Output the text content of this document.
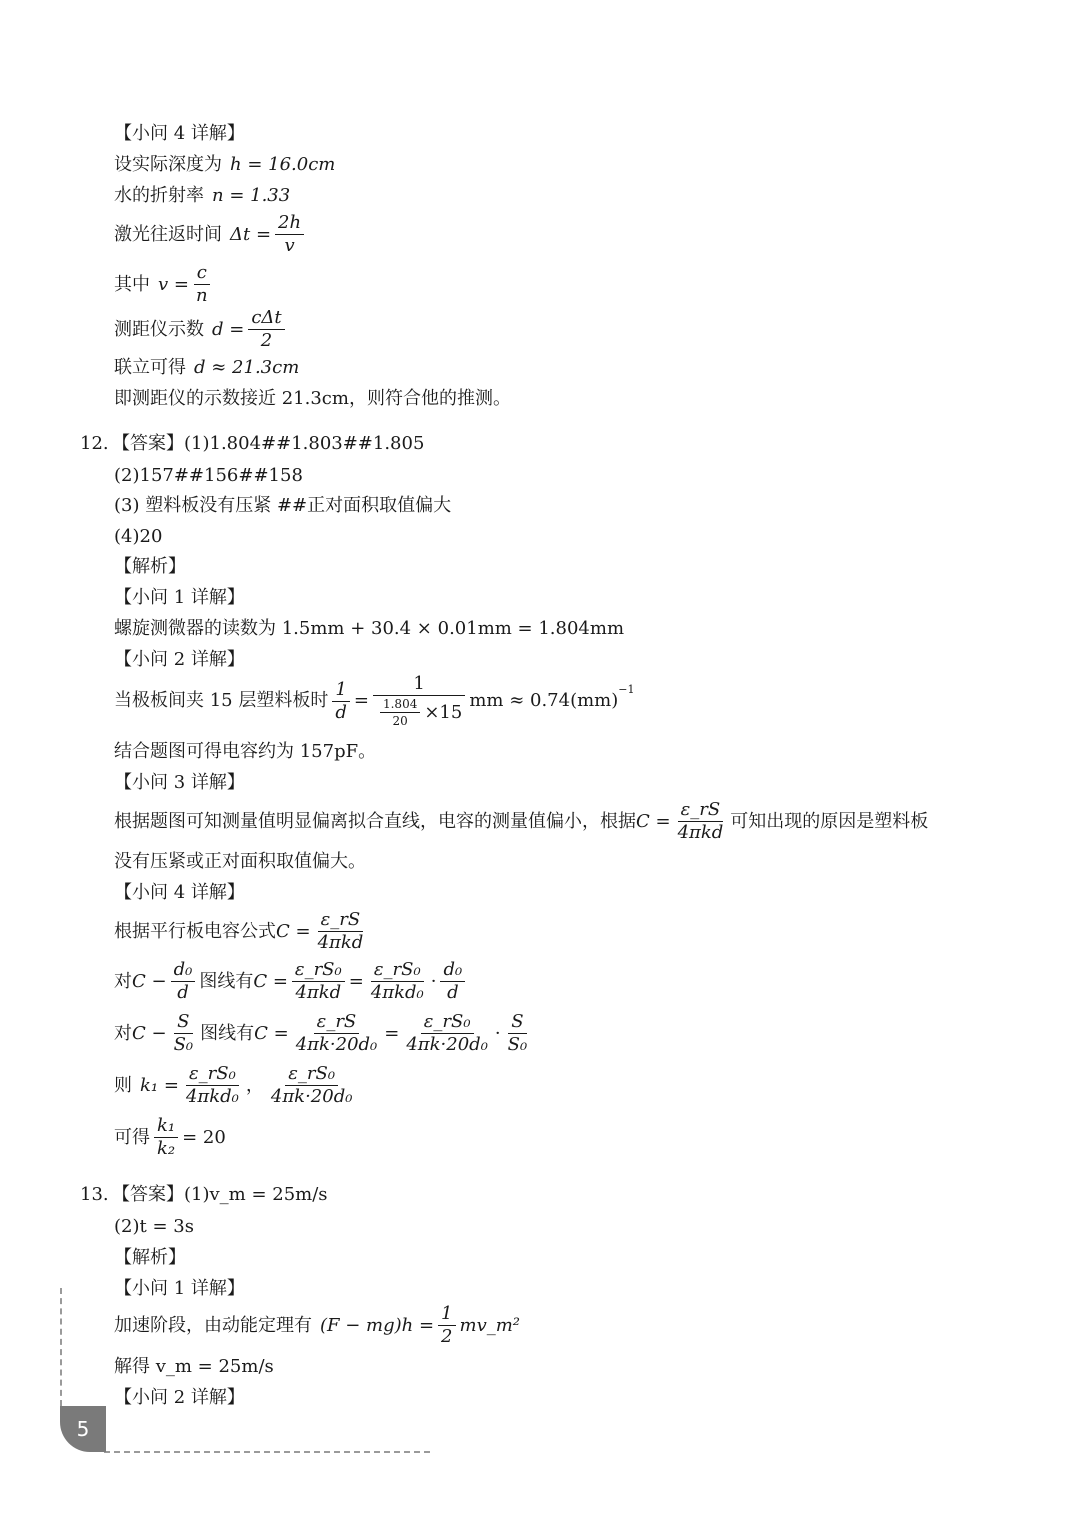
【小问 4 详解】
设实际深度为 h = 16.0cm
水的折射率 n = 1.33
激光往返时间 $\Delta t = \frac{2h}{v}$
其中 $v = \frac{c}{n}$
测距仪示数 $d = \frac{\text{cΔt}}{2}$
联立可得 d ≈ 21.3cm
即测距仪的示数接近 21.3cm，则符合他的推测。
12. 【答案】(1)1.804##1.803##1.805
(2)157##156##158
(3) 塑料板没有压紧 ##正对面积取值偏大
(4)20
【解析】
【小问 1 详解】
螺旋测微器的读数为 1.5mm + 30.4 × 0.01mm = 1.804mm
【小问 2 详解】
当极板间夹 15 层塑料板时 $\frac{1}{d} = \frac{1}{\frac{1.804}{20} \times 15}$ mm ≈ 0.74(mm)
$^{-1}$
结合题图可得电容约为 157pF。
【小问 3 详解】
根据题图可知测量值明显偏离拟合直线，电容的测量值偏小，根据 $C = \frac{\varepsilon\_rS}{\text{4πkd}}$ 可知出现的原因是塑料板
没有压紧或正对面积取值偏大。
【小问 4 详解】
根据平行板电容公式 $C = \frac{\varepsilon\_rS}{\text{4πkd}}$
对 $C - \frac{\text{d₀}}{d}$ 图线有 $C = \frac{\text{ε\_rS₀}}{\text{4πkd}} = \frac{\text{ε\_rS₀}}{\text{4πkd₀}} \cdot \frac{\text{d₀}}{d}$
对 $C - \frac{S}{\text{S₀}}$ 图线有 $C = \frac{\varepsilon\_rS}{\text{4πk·20d₀}} = \frac{\text{ε\_rS₀}}{\text{4πk·20d₀}} \cdot \frac{S}{\text{S₀}}$
则 $k_1 = \frac{\text{ε\_rS₀}}{\text{4πkd₀}}$ ， $\frac{\text{ε\_rS₀}}{\text{4πk·20d₀}}$
可得 $\frac{\text{k₁}}{\text{k₂}} = 20$
13. 【答案】(1)v_m = 25m/s
(2)t = 3s
【解析】
【小问 1 详解】
加速阶段，由动能定理有 $(F - mg)h = \frac{1}{2}$ mv_m²
解得 v_m = 25m/s
【小问 2 详解】
5
